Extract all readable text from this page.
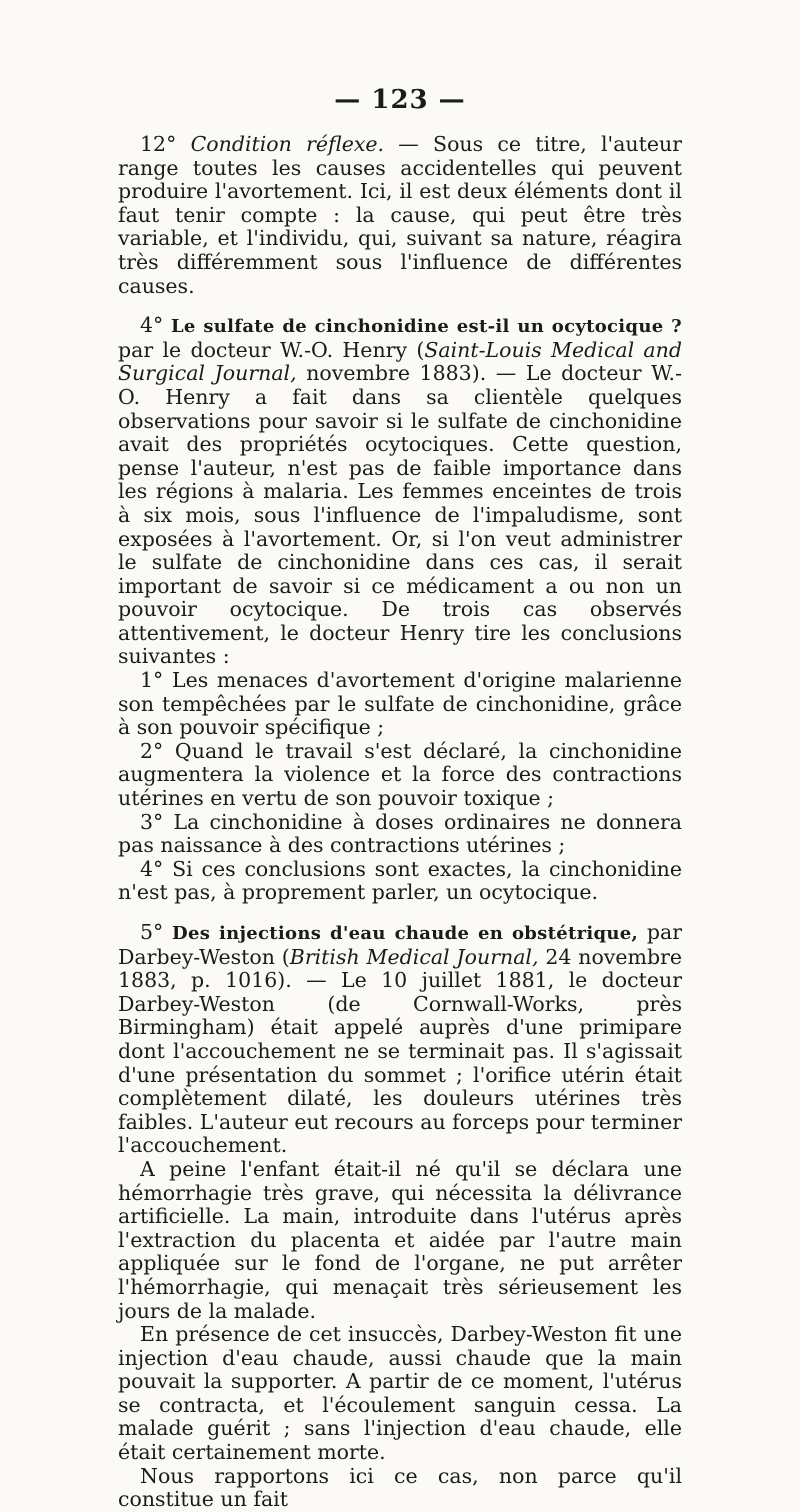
— 123 —

12° Condition réflexe. — Sous ce titre, l'auteur range toutes les causes accidentelles qui peuvent produire l'avortement. Ici, il est deux éléments dont il faut tenir compte : la cause, qui peut être très variable, et l'individu, qui, suivant sa nature, réagira très différemment sous l'influence de différentes causes.

4° Le sulfate de cinchonidine est-il un ocytocique ? par le docteur W.-O. Henry (Saint-Louis Medical and Surgical Journal, novembre 1883). — Le docteur W.-O. Henry a fait dans sa clientèle quelques observations pour savoir si le sulfate de cinchonidine avait des propriétés ocytociques. Cette question, pense l'auteur, n'est pas de faible importance dans les régions à malaria. Les femmes enceintes de trois à six mois, sous l'influence de l'impaludisme, sont exposées à l'avortement. Or, si l'on veut administrer le sulfate de cinchonidine dans ces cas, il serait important de savoir si ce médicament a ou non un pouvoir ocytocique. De trois cas observés attentivement, le docteur Henry tire les conclusions suivantes :

1° Les menaces d'avortement d'origine malarienne son tempêchées par le sulfate de cinchonidine, grâce à son pouvoir spécifique ;

2° Quand le travail s'est déclaré, la cinchonidine augmentera la violence et la force des contractions utérines en vertu de son pouvoir toxique ;

3° La cinchonidine à doses ordinaires ne donnera pas naissance à des contractions utérines ;

4° Si ces conclusions sont exactes, la cinchonidine n'est pas, à proprement parler, un ocytocique.

5° Des injections d'eau chaude en obstétrique, par Darbey-Weston (British Medical Journal, 24 novembre 1883, p. 1016). — Le 10 juillet 1881, le docteur Darbey-Weston (de Cornwall-Works, près Birmingham) était appelé auprès d'une primipare dont l'accouchement ne se terminait pas. Il s'agissait d'une présentation du sommet ; l'orifice utérin était complètement dilaté, les douleurs utérines très faibles. L'auteur eut recours au forceps pour terminer l'accouchement.

A peine l'enfant était-il né qu'il se déclara une hémorrhagie très grave, qui nécessita la délivrance artificielle. La main, introduite dans l'utérus après l'extraction du placenta et aidée par l'autre main appliquée sur le fond de l'organe, ne put arrêter l'hémorrhagie, qui menaçait très sérieusement les jours de la malade.

En présence de cet insuccès, Darbey-Weston fit une injection d'eau chaude, aussi chaude que la main pouvait la supporter. A partir de ce moment, l'utérus se contracta, et l'écoulement sanguin cessa. La malade guérit ; sans l'injection d'eau chaude, elle était certainement morte.

Nous rapportons ici ce cas, non parce qu'il constitue un fait
